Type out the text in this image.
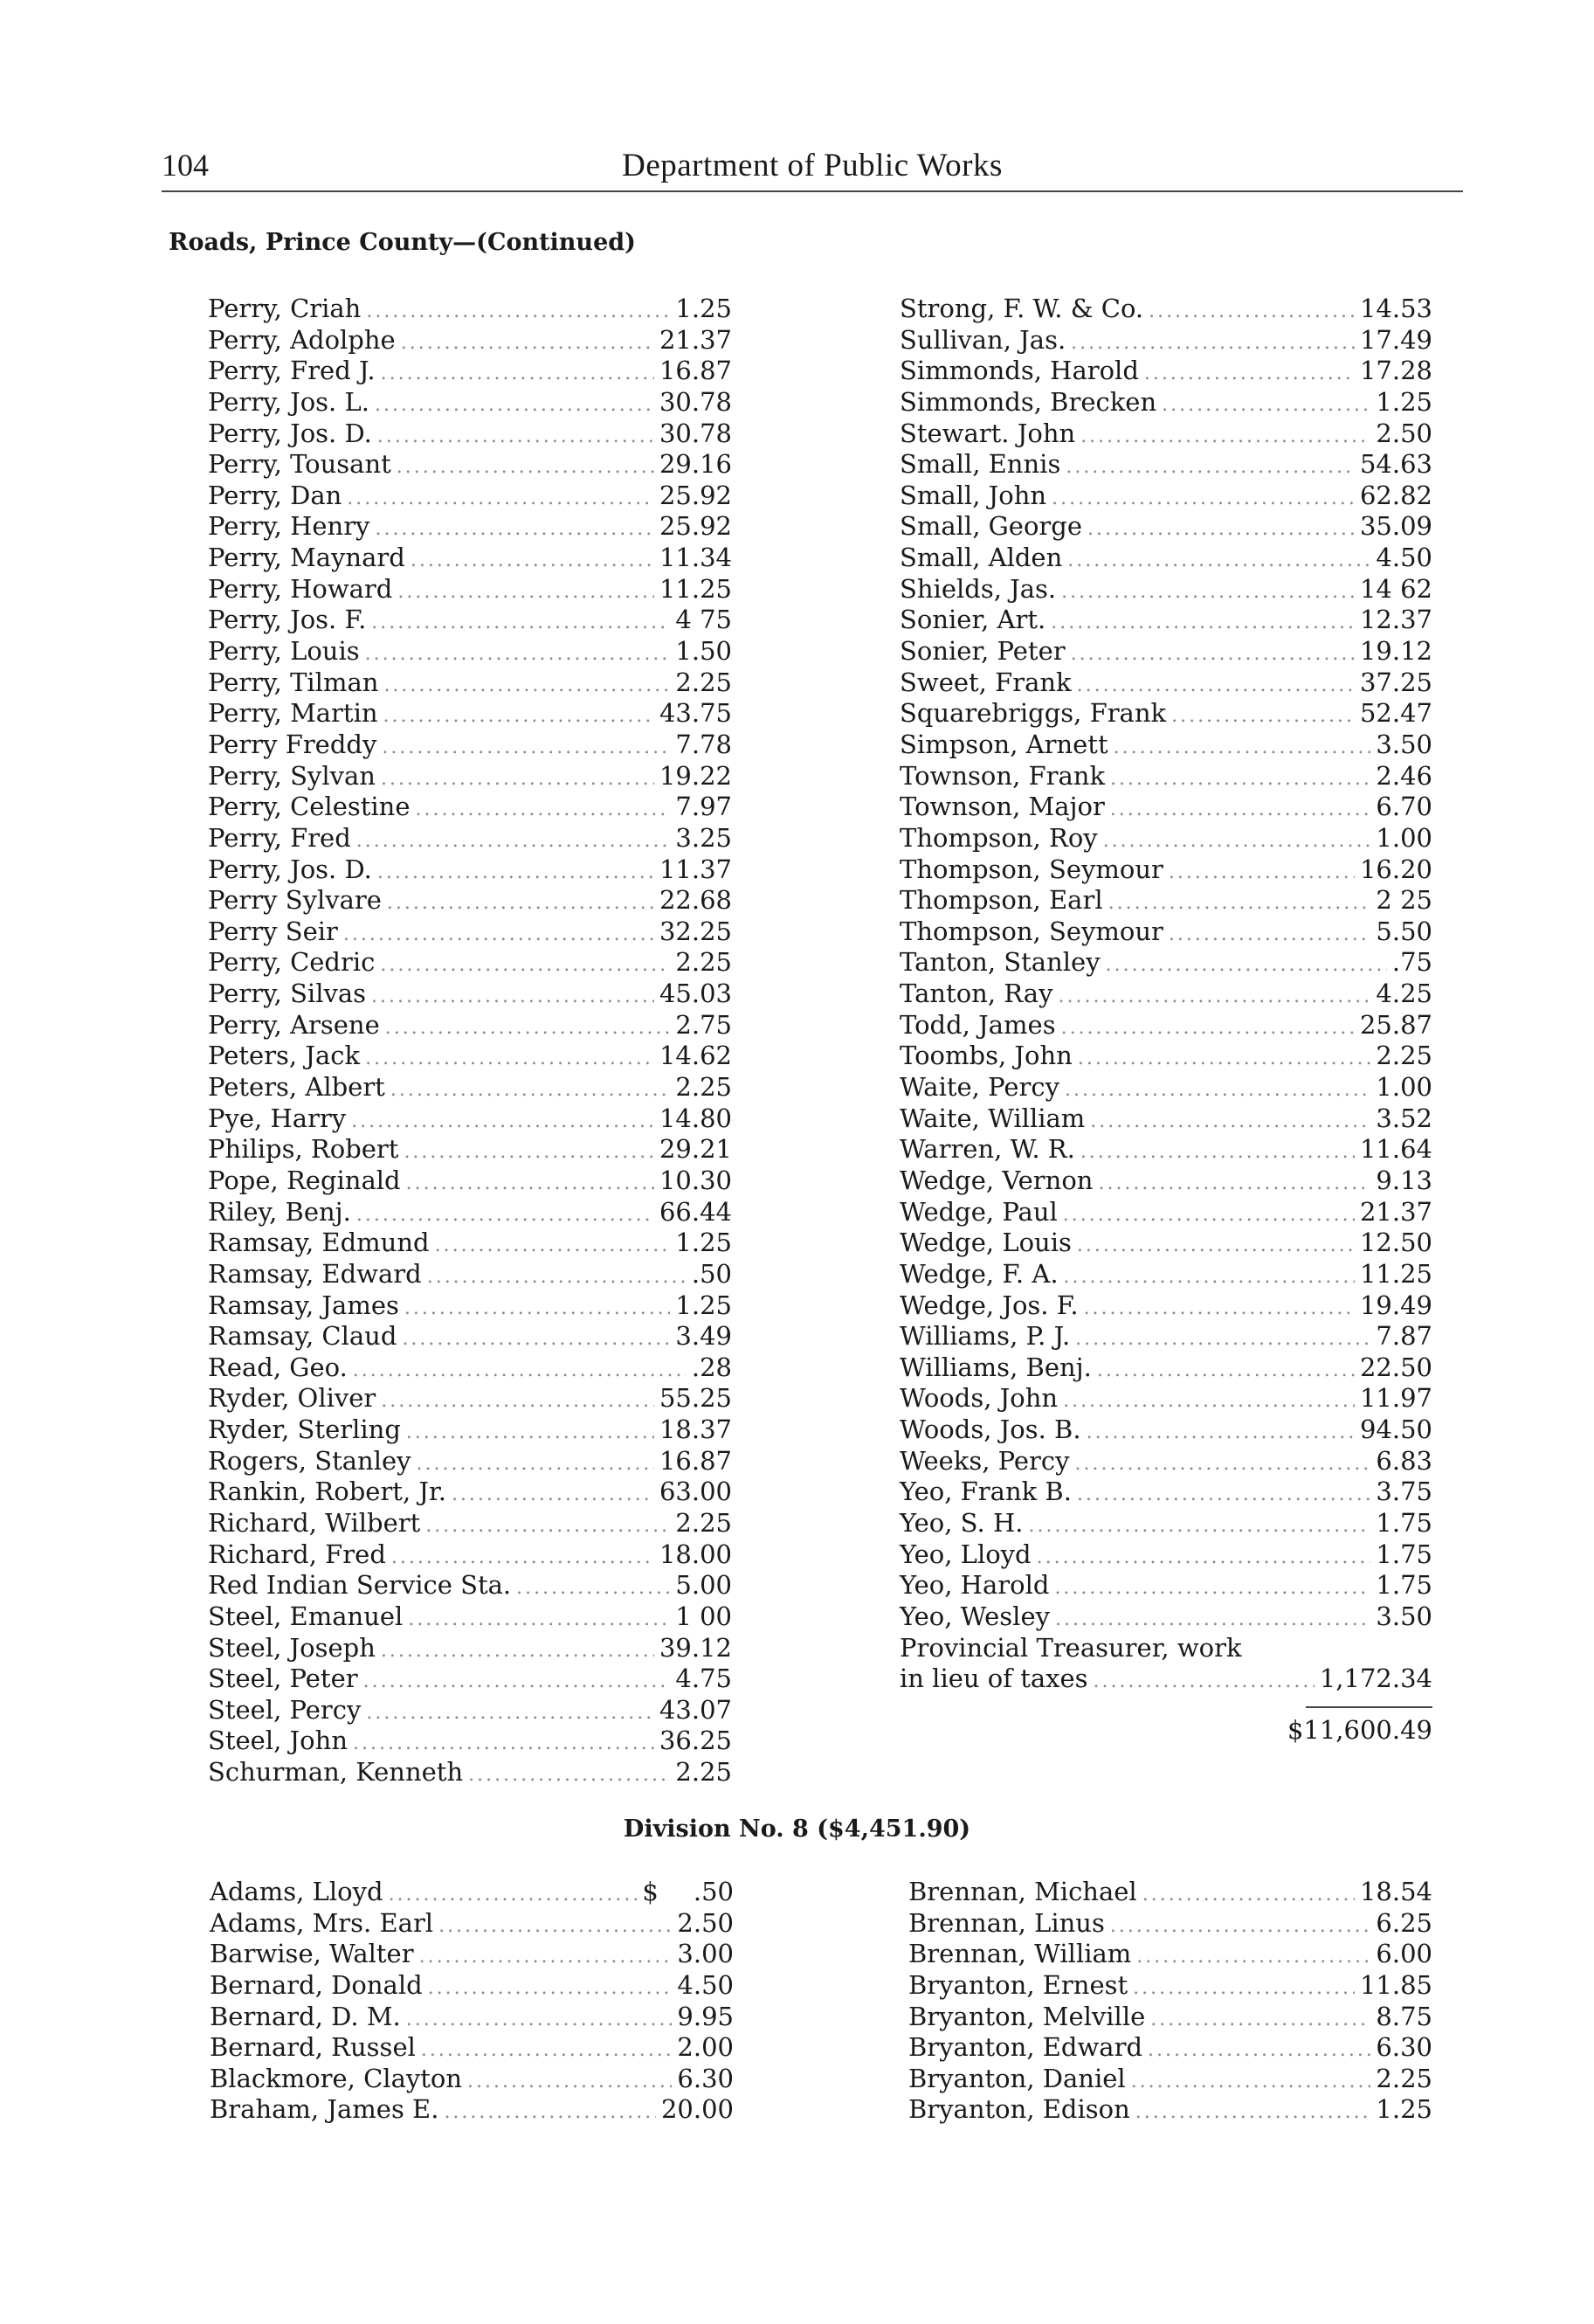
104	Department of Public Works
Roads, Prince County—(Continued)
Perry, Criah .....	1.25
Perry, Adolphe .....	21.37
Perry, Fred J. .....	16.87
Perry, Jos. L. .....	30.78
Perry, Jos. D. .....	30.78
Perry, Tousant .....	29.16
Perry, Dan .....	25.92
Perry, Henry .....	25.92
Perry, Maynard .....	11.34
Perry, Howard .....	11.25
Perry, Jos. F. .....	4 75
Perry, Louis .....	1.50
Perry, Tilman .....	2.25
Perry, Martin .....	43.75
Perry Freddy .....	7.78
Perry, Sylvan .....	19.22
Perry, Celestine .....	7.97
Perry, Fred .....	3.25
Perry, Jos. D. .....	11.37
Perry Sylvare .....	22.68
Perry Seir .....	32.25
Perry, Cedric .....	2.25
Perry, Silvas .....	45.03
Perry, Arsene .....	2.75
Peters, Jack .....	14.62
Peters, Albert .....	2.25
Pye, Harry .....	14.80
Philips, Robert .....	29.21
Pope, Reginald .....	10.30
Riley, Benj. .....	66.44
Ramsay, Edmund .....	1.25
Ramsay, Edward .....	.50
Ramsay, James .....	1.25
Ramsay, Claud .....	3.49
Read, Geo. .....	.28
Ryder, Oliver .....	55.25
Ryder, Sterling .....	18.37
Rogers, Stanley .....	16.87
Rankin, Robert, Jr. .....	63.00
Richard, Wilbert .....	2.25
Richard, Fred .....	18.00
Red Indian Service Sta. .....	5.00
Steel, Emanuel .....	1 00
Steel, Joseph .....	39.12
Steel, Peter .....	4.75
Steel, Percy .....	43.07
Steel, John .....	36.25
Schurman, Kenneth .....	2.25
Strong, F. W. & Co. .....	14.53
Sullivan, Jas. .....	17.49
Simmonds, Harold .....	17.28
Simmonds, Brecken .....	1.25
Stewart. John .....	2.50
Small, Ennis .....	54.63
Small, John .....	62.82
Small, George .....	35.09
Small, Alden .....	4.50
Shields, Jas. .....	14 62
Sonier, Art. .....	12.37
Sonier, Peter .....	19.12
Sweet, Frank .....	37.25
Squarebriggs, Frank .....	52.47
Simpson, Arnett .....	3.50
Townson, Frank .....	2.46
Townson, Major .....	6.70
Thompson, Roy .....	1.00
Thompson, Seymour .....	16.20
Thompson, Earl .....	2 25
Thompson, Seymour .....	5.50
Tanton, Stanley .....	.75
Tanton, Ray .....	4.25
Todd, James .....	25.87
Toombs, John .....	2.25
Waite, Percy .....	1.00
Waite, William .....	3.52
Warren, W. R. .....	11.64
Wedge, Vernon .....	9.13
Wedge, Paul .....	21.37
Wedge, Louis .....	12.50
Wedge, F. A. .....	11.25
Wedge, Jos. F. .....	19.49
Williams, P. J. .....	7.87
Williams, Benj. .....	22.50
Woods, John .....	11.97
Woods, Jos. B. .....	94.50
Weeks, Percy .....	6.83
Yeo, Frank B. .....	3.75
Yeo, S. H. .....	1.75
Yeo, Lloyd .....	1.75
Yeo, Harold .....	1.75
Yeo, Wesley .....	3.50
Provincial Treasurer, work
in lieu of taxes .....	1,172.34
$11,600.49
Division No. 8 ($4,451.90)
Adams, Lloyd .....	$ .50
Adams, Mrs. Earl .....	2.50
Barwise, Walter .....	3.00
Bernard, Donald .....	4.50
Bernard, D. M. .....	9.95
Bernard, Russel .....	2.00
Blackmore, Clayton .....	6.30
Braham, James E. .....	20.00
Brennan, Michael .....	18.54
Brennan, Linus .....	6.25
Brennan, William .....	6.00
Bryanton, Ernest .....	11.85
Bryanton, Melville .....	8.75
Bryanton, Edward .....	6.30
Bryanton, Daniel .....	2.25
Bryanton, Edison .....	1.25
